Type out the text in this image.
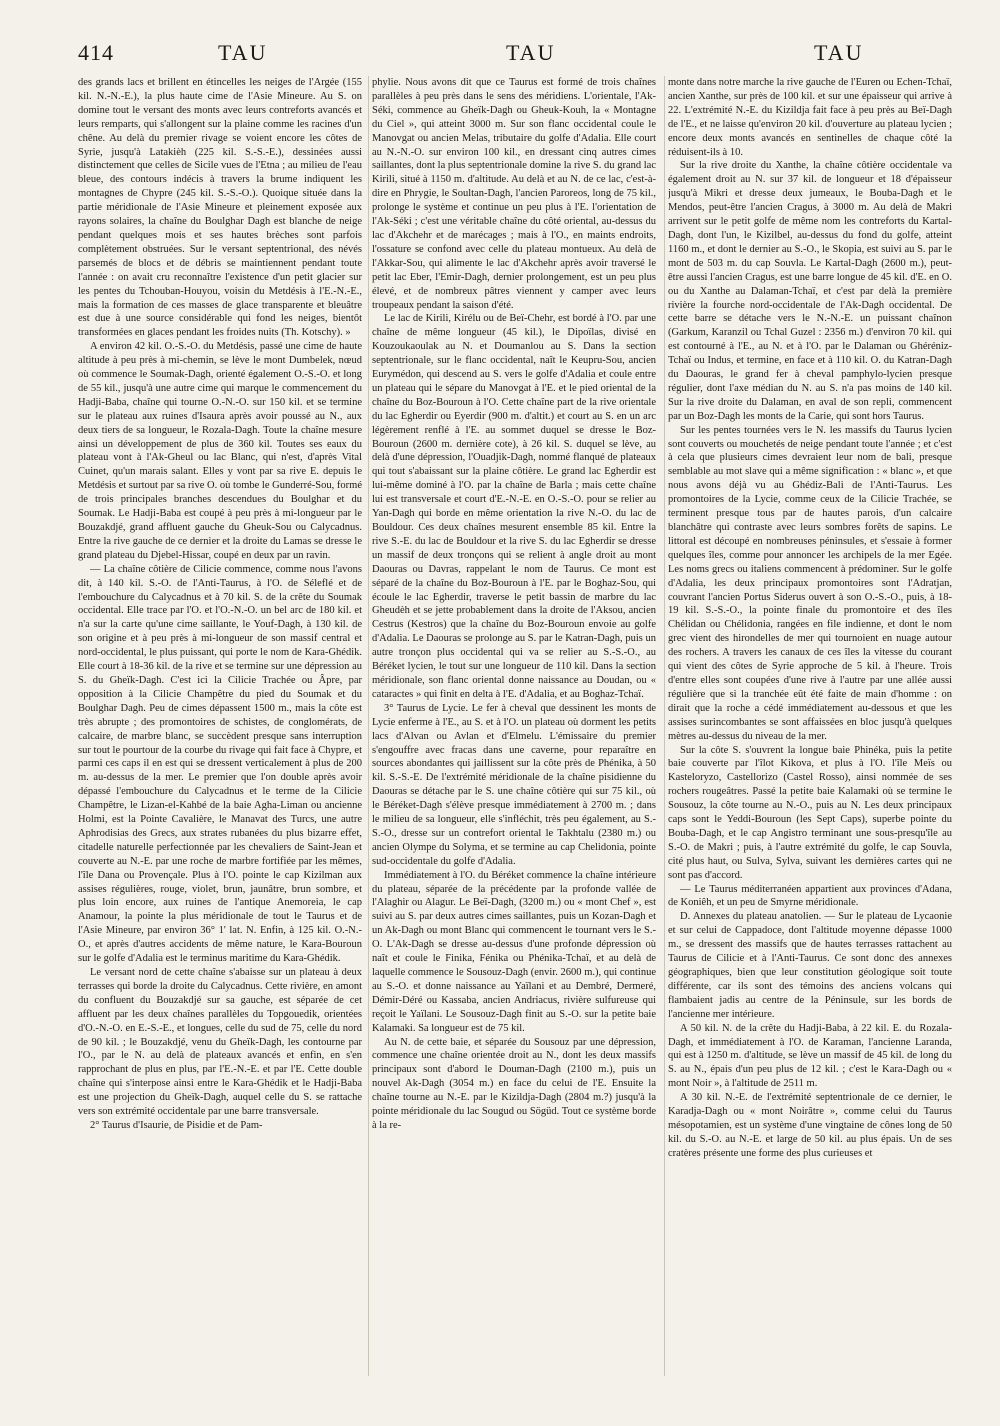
414	TAU	TAU	TAU

des grands lacs et brillent en étincelles les neiges de l'Argée (155 kil. N.-N.-E.), la plus haute cime de l'Asie Mineure. Au S. on domine tout le versant des monts avec leurs contreforts avancés et leurs remparts, qui s'allongent sur la plaine comme les racines d'un chêne. Au delà du premier rivage se voient encore les côtes de Syrie, jusqu'à Latakièh (225 kil. S.-S.-E.), dessinées aussi distinctement que celles de Sicile vues de l'Etna ; au milieu de l'eau bleue, des contours indécis à travers la brume indiquent les montagnes de Chypre (245 kil. S.-S.-O.). Quoique située dans la partie méridionale de l'Asie Mineure et pleinement exposée aux rayons solaires, la chaîne du Boulghar Dagh est blanche de neige pendant quelques mois et ses hautes brèches sont parfois complètement obstruées. Sur le versant septentrional, des névés parsemés de blocs et de débris se maintiennent pendant toute l'année : on avait cru reconnaître l'existence d'un petit glacier sur les pentes du Tchouban-Houyou, voisin du Metdésis à l'E.-N.-E., mais la formation de ces masses de glace transparente et bleuâtre est due à une source considérable qui fond les neiges, bientôt transformées en glaces pendant les froides nuits (Th. Kotschy). »

A environ 42 kil. O.-S.-O. du Metdésis, passé une cime de haute altitude à peu près à mi-chemin, se lève le mont Dumbelek, nœud où commence le Soumak-Dagh, orienté également O.-S.-O. et long de 55 kil., jusqu'à une autre cime qui marque le commencement du Hadji-Baba, chaîne qui tourne O.-N.-O. sur 150 kil. et se termine sur le plateau aux ruines d'Isaura après avoir poussé au N., aux deux tiers de sa longueur, le Rozala-Dagh. Toute la chaîne mesure ainsi un développement de plus de 360 kil. Toutes ses eaux du plateau vont à l'Ak-Gheul ou lac Blanc, qui n'est, d'après Vital Cuinet, qu'un marais salant. Elles y vont par sa rive E. depuis le Metdésis et surtout par sa rive O. où tombe le Gunderré-Sou, formé de trois principales branches descendues du Boulghar et du Soumak. Le Hadji-Baba est coupé à peu près à mi-longueur par le Bouzakdjé, grand affluent gauche du Gheuk-Sou ou Calycadnus. Entre la rive gauche de ce dernier et la droite du Lamas se dresse le grand plateau du Djebel-Hissar, coupé en deux par un ravin.

— La chaîne côtière de Cilicie commence, comme nous l'avons dit, à 140 kil. S.-O. de l'Anti-Taurus, à l'O. de Séleflé et de l'embouchure du Calycadnus et à 70 kil. S. de la crête du Soumak occidental. Elle trace par l'O. et l'O.-N.-O. un bel arc de 180 kil. et n'a sur la carte qu'une cime saillante, le Youf-Dagh, à 130 kil. de son origine et à peu près à mi-longueur de son massif central et nord-occidental, le plus puissant, qui porte le nom de Kara-Ghédik. Elle court à 18-36 kil. de la rive et se termine sur une dépression au S. du Gheïk-Dagh. C'est ici la Cilicie Trachée ou Âpre, par opposition à la Cilicie Champêtre du pied du Soumak et du Boulghar Dagh. Peu de cimes dépassent 1500 m., mais la côte est très abrupte ; des promontoires de schistes, de conglomérats, de calcaire, de marbre blanc, se succèdent presque sans interruption sur tout le pourtour de la courbe du rivage qui fait face à Chypre, et parmi ces caps il en est qui se dressent verticalement à plus de 200 m. au-dessus de la mer. Le premier que l'on double après avoir dépassé l'embouchure du Calycadnus et le terme de la Cilicie Champêtre, le Lizan-el-Kahbé de la baie Agha-Liman ou ancienne Holmi, est la Pointe Cavalière, le Manavat des Turcs, une autre Aphrodisias des Grecs, aux strates rubanées du plus bizarre effet, citadelle naturelle perfectionnée par les chevaliers de Saint-Jean et couverte au N.-E. par une roche de marbre fortifiée par les mêmes, l'île Dana ou Provençale. Plus à l'O. pointe le cap Kizilman aux assises régulières, rouge, violet, brun, jaunâtre, brun sombre, et plus loin encore, aux ruines de l'antique Anemoreia, le cap Anamour, la pointe la plus méridionale de tout le Taurus et de l'Asie Mineure, par environ 36° 1' lat. N. Enfin, à 125 kil. O.-N.-O., et après d'autres accidents de même nature, le Kara-Bouroun sur le golfe d'Adalia est le terminus maritime du Kara-Ghédik.

Le versant nord de cette chaîne s'abaisse sur un plateau à deux terrasses qui borde la droite du Calycadnus. Cette rivière, en amont du confluent du Bouzakdjé sur sa gauche, est séparée de cet affluent par les deux chaînes parallèles du Topgouedik, orientées d'O.-N.-O. en E.-S.-E., et longues, celle du sud de 75, celle du nord de 90 kil. ; le Bouzakdjé, venu du Gheïk-Dagh, les contourne par l'O., par le N. au delà de plateaux avancés et enfin, en s'en rapprochant de plus en plus, par l'E.-N.-E. et par l'E. Cette double chaîne qui s'interpose ainsi entre le Kara-Ghédik et le Hadji-Baba est une projection du Gheïk-Dagh, auquel celle du S. se rattache vers son extrémité occidentale par une barre transversale.

2° Taurus d'Isaurie, de Pisidie et de Pam-

phylie. Nous avons dit que ce Taurus est formé de trois chaînes parallèles à peu près dans le sens des méridiens. L'orientale, l'Ak-Séki, commence au Gheïk-Dagh ou Gheuk-Kouh, la « Montagne du Ciel », qui atteint 3000 m. Sur son flanc occidental coule le Manovgat ou ancien Melas, tributaire du golfe d'Adalia. Elle court au N.-N.-O. sur environ 100 kil., en dressant cinq autres cimes saillantes, dont la plus septentrionale domine la rive S. du grand lac Kirili, situé à 1150 m. d'altitude. Au delà et au N. de ce lac, c'est-à-dire en Phrygie, le Soultan-Dagh, l'ancien Paroreos, long de 75 kil., prolonge le système et continue un peu plus à l'E. l'orientation de l'Ak-Séki ; c'est une véritable chaîne du côté oriental, au-dessus du lac d'Akchehr et de marécages ; mais à l'O., en maints endroits, l'ossature se confond avec celle du plateau montueux. Au delà de l'Akkar-Sou, qui alimente le lac d'Akchehr après avoir traversé le petit lac Eber, l'Emir-Dagh, dernier prolongement, est un peu plus élevé, et de nombreux pâtres viennent y camper avec leurs troupeaux pendant la saison d'été.

Le lac de Kirili, Kirélu ou de Beï-Chehr, est bordé à l'O. par une chaîne de même longueur (45 kil.), le Dipoïlas, divisé en Kouzoukaoulak au N. et Doumanlou au S. Dans la section septentrionale, sur le flanc occidental, naît le Keupru-Sou, ancien Eurymédon, qui descend au S. vers le golfe d'Adalia et coule entre un plateau qui le sépare du Manovgat à l'E. et le pied oriental de la chaîne du Boz-Bouroun à l'O. Cette chaîne part de la rive orientale du lac Egherdir ou Eyerdir (900 m. d'altit.) et court au S. en un arc légèrement renflé à l'E. au sommet duquel se dresse le Boz-Bouroun (2600 m. dernière cote), à 26 kil. S. duquel se lève, au delà d'une dépression, l'Ouadjik-Dagh, nommé flanqué de plateaux qui tout s'abaissant sur la plaine côtière. Le grand lac Egherdir est lui-même dominé à l'O. par la chaîne de Barla ; mais cette chaîne lui est transversale et court d'E.-N.-E. en O.-S.-O. pour se relier au Yan-Dagh qui borde en même orientation la rive N.-O. du lac de Bouldour. Ces deux chaînes mesurent ensemble 85 kil. Entre la rive S.-E. du lac de Bouldour et la rive S. du lac Egherdir se dresse un massif de deux tronçons qui se relient à angle droit au mont Daouras ou Davras, rappelant le nom de Taurus. Ce mont est séparé de la chaîne du Boz-Bouroun à l'E. par le Boghaz-Sou, qui écoule le lac Egherdir, traverse le petit bassin de marbre du lac Gheudèh et se jette probablement dans la droite de l'Aksou, ancien Cestrus (Kestros) que la chaîne du Boz-Bouroun envoie au golfe d'Adalia. Le Daouras se prolonge au S. par le Katran-Dagh, puis un autre tronçon plus occidental qui va se relier au S.-S.-O., au Béréket lycien, le tout sur une longueur de 110 kil. Dans la section méridionale, son flanc oriental donne naissance au Doudan, ou « cataractes » qui finit en delta à l'E. d'Adalia, et au Boghaz-Tchaï.

3° Taurus de Lycie. Le fer à cheval que dessinent les monts de Lycie enferme à l'E., au S. et à l'O. un plateau où dorment les petits lacs d'Alvan ou Avlan et d'Elmelu. L'émissaire du premier s'engouffre avec fracas dans une caverne, pour reparaître en sources abondantes qui jaillissent sur la côte près de Phénika, à 50 kil. S.-S.-E. De l'extrémité méridionale de la chaîne pisidienne du Daouras se détache par le S. une chaîne côtière qui sur 75 kil., où le Béréket-Dagh s'élève presque immédiatement à 2700 m. ; dans le milieu de sa longueur, elle s'infléchit, très peu également, au S.-S.-O., dresse sur un contrefort oriental le Takhtalu (2380 m.) ou ancien Olympe du Solyma, et se termine au cap Chelidonia, pointe sud-occidentale du golfe d'Adalia.

Immédiatement à l'O. du Béréket commence la chaîne intérieure du plateau, séparée de la précédente par la profonde vallée de l'Alaghir ou Alagur. Le Beï-Dagh, (3200 m.) ou « mont Chef », est suivi au S. par deux autres cimes saillantes, puis un Kozan-Dagh et un Ak-Dagh ou mont Blanc qui commencent le tournant vers le S.-O. L'Ak-Dagh se dresse au-dessus d'une profonde dépression où naît et coule le Finika, Fénika ou Phénika-Tchaï, et au delà de laquelle commence le Sousouz-Dagh (envir. 2600 m.), qui continue au S.-O. et donne naissance au Yaïlani et au Dembré, Dermeré, Démir-Déré ou Kassaba, ancien Andriacus, rivière sulfureuse qui reçoit le Yaïlani. Le Sousouz-Dagh finit au S.-O. sur la petite baie Kalamaki. Sa longueur est de 75 kil.

Au N. de cette baie, et séparée du Sousouz par une dépression, commence une chaîne orientée droit au N., dont les deux massifs principaux sont d'abord le Douman-Dagh (2100 m.), puis un nouvel Ak-Dagh (3054 m.) en face du celui de l'E. Ensuite la chaîne tourne au N.-E. par le Kizildja-Dagh (2804 m.?) jusqu'à la pointe méridionale du lac Sougud ou Sögüd. Tout ce système borde à la re-

monte dans notre marche la rive gauche de l'Euren ou Echen-Tchaï, ancien Xanthe, sur près de 100 kil. et sur une épaisseur qui arrive à 22. L'extrémité N.-E. du Kizildja fait face à peu près au Beï-Dagh de l'E., et ne laisse qu'environ 20 kil. d'ouverture au plateau lycien ; encore deux monts avancés en sentinelles de chaque côté la réduisent-ils à 10.

Sur la rive droite du Xanthe, la chaîne côtière occidentale va également droit au N. sur 37 kil. de longueur et 18 d'épaisseur jusqu'à Mikri et dresse deux jumeaux, le Bouba-Dagh et le Mendos, peut-être l'ancien Cragus, à 3000 m. Au delà de Makri arrivent sur le petit golfe de même nom les contreforts du Kartal-Dagh, dont l'un, le Kizilbel, au-dessus du fond du golfe, atteint 1160 m., et dont le dernier au S.-O., le Skopia, est suivi au S. par le mont de 503 m. du cap Souvla. Le Kartal-Dagh (2600 m.), peut-être aussi l'ancien Cragus, est une barre longue de 45 kil. d'E. en O. ou du Xanthe au Dalaman-Tchaï, et c'est par delà la première rivière la fourche nord-occidentale de l'Ak-Dagh occidental. De cette barre se détache vers le N.-N.-E. un puissant chaînon (Garkum, Karanzil ou Tchal Guzel : 2356 m.) d'environ 70 kil. qui est contourné à l'E., au N. et à l'O. par le Dalaman ou Ghéréniz-Tchaï ou Indus, et termine, en face et à 110 kil. O. du Katran-Dagh du Daouras, le grand fer à cheval pamphylo-lycien presque régulier, dont l'axe médian du N. au S. n'a pas moins de 140 kil. Sur la rive droite du Dalaman, en aval de son repli, commencent par un Boz-Dagh les monts de la Carie, qui sont hors Taurus.

Sur les pentes tournées vers le N. les massifs du Taurus lycien sont couverts ou mouchetés de neige pendant toute l'année ; et c'est à cela que plusieurs cimes devraient leur nom de bali, presque semblable au mot slave qui a même signification : « blanc », et que nous avons déjà vu au Ghédiz-Bali de l'Anti-Taurus. Les promontoires de la Lycie, comme ceux de la Cilicie Trachée, se terminent presque tous par de hautes parois, d'un calcaire blanchâtre qui contraste avec leurs sombres forêts de sapins. Le littoral est découpé en nombreuses péninsules, et s'essaie à former quelques îles, comme pour annoncer les archipels de la mer Egée. Les noms grecs ou italiens commencent à prédominer. Sur le golfe d'Adalia, les deux principaux promontoires sont l'Adratjan, couvrant l'ancien Portus Siderus ouvert à son O.-S.-O., puis, à 18-19 kil. S.-S.-O., la pointe finale du promontoire et des îles Chélidan ou Chélidonia, rangées en file indienne, et dont le nom grec vient des hirondelles de mer qui tournoient en nuage autour des rochers. A travers les canaux de ces îles la vitesse du courant qui vient des côtes de Syrie approche de 5 kil. à l'heure. Trois d'entre elles sont coupées d'une rive à l'autre par une allée aussi régulière que si la tranchée eût été faite de main d'homme : on dirait que la roche a cédé immédiatement au-dessous et que les assises surincombantes se sont affaissées en bloc jusqu'à quelques mètres au-dessus du niveau de la mer.

Sur la côte S. s'ouvrent la longue baie Phinéka, puis la petite baie couverte par l'îlot Kikova, et plus à l'O. l'île Meïs ou Kasteloryzo, Castellorizo (Castel Rosso), ainsi nommée de ses rochers rougeâtres. Passé la petite baie Kalamaki où se termine le Sousouz, la côte tourne au N.-O., puis au N. Les deux principaux caps sont le Yeddi-Bouroun (les Sept Caps), superbe pointe du Bouba-Dagh, et le cap Angistro terminant une sous-presqu'île au S.-O. de Makri ; puis, à l'autre extrémité du golfe, le cap Souvla, cité plus haut, ou Sulva, Sylva, suivant les dernières cartes qui ne sont pas d'accord.

— Le Taurus méditerranéen appartient aux provinces d'Adana, de Koniêh, et un peu de Smyrne méridionale.

D. Annexes du plateau anatolien. — Sur le plateau de Lycaonie et sur celui de Cappadoce, dont l'altitude moyenne dépasse 1000 m., se dressent des massifs que de hautes terrasses rattachent au Taurus de Cilicie et à l'Anti-Taurus. Ce sont donc des annexes géographiques, bien que leur constitution géologique soit toute différente, car ils sont des témoins des anciens volcans qui flambaient jadis au centre de la Péninsule, sur les bords de l'ancienne mer intérieure.

A 50 kil. N. de la crête du Hadji-Baba, à 22 kil. E. du Rozala-Dagh, et immédiatement à l'O. de Karaman, l'ancienne Laranda, qui est à 1250 m. d'altitude, se lève un massif de 45 kil. de long du S. au N., épais d'un peu plus de 12 kil. ; c'est le Kara-Dagh ou « mont Noir », à l'altitude de 2511 m.

A 30 kil. N.-E. de l'extrémité septentrionale de ce dernier, le Karadja-Dagh ou « mont Noirâtre », comme celui du Taurus mésopotamien, est un système d'une vingtaine de cônes long de 50 kil. du S.-O. au N.-E. et large de 50 kil. au plus épais. Un de ses cratères présente une forme des plus curieuses et
